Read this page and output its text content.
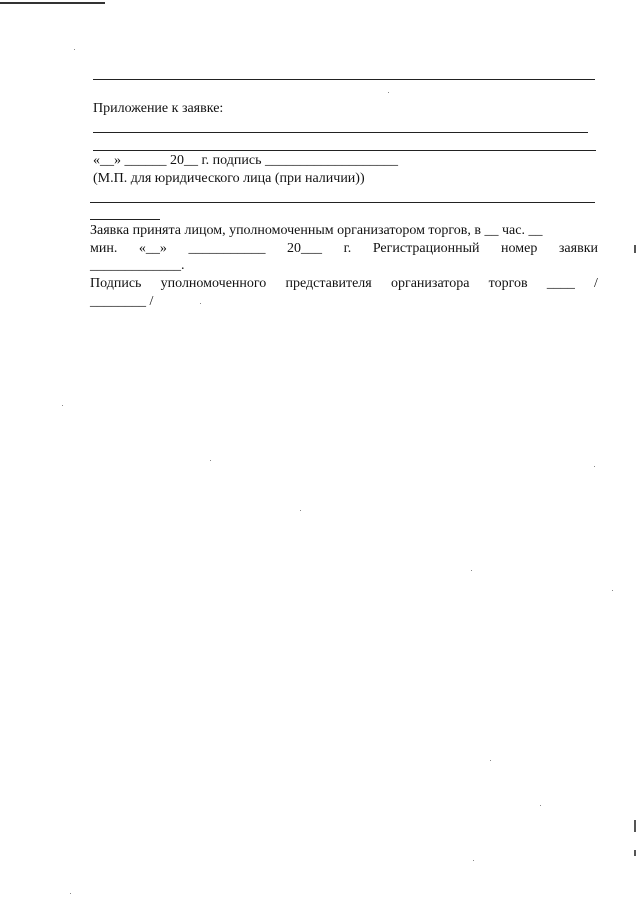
Приложение к заявке:
«__» ______ 20__ г. подпись ___________________
(М.П. для юридического лица (при наличии))
Заявка принята лицом, уполномоченным организатором торгов, в __ час. __
мин. «__» ___________ 20___ г. Регистрационный номер заявки
_____________.
Подпись уполномоченного представителя организатора торгов ____ /
________ /
